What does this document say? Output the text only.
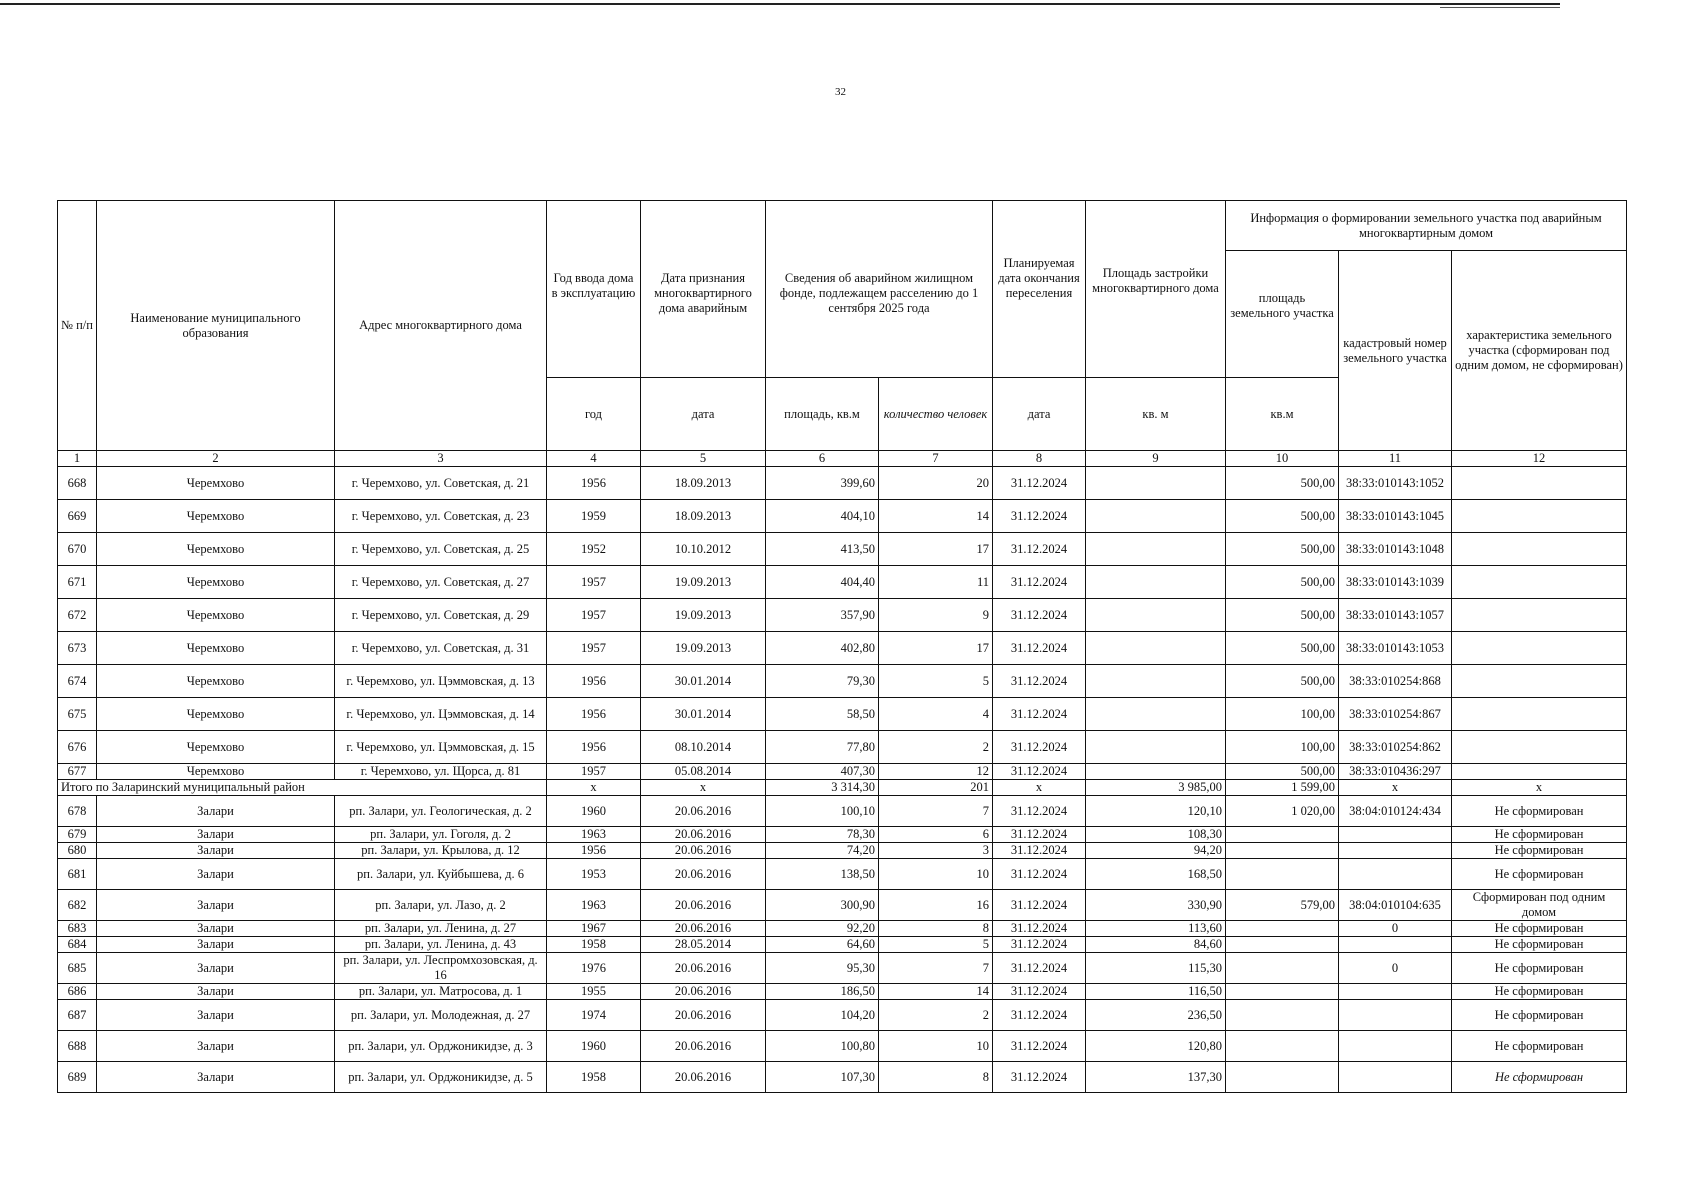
32
№ п/п	Наименование муниципального образования	Адрес многоквартирного дома	Год ввода дома в эксплуатацию	Дата признания многоквартирного дома аварийным	Сведения об аварийном жилищном фонде, подлежащем расселению до 1 сентября 2025 года		Планируемая дата окончания переселения	Площадь застройки многоквартирного дома	Информация о формировании земельного участка под аварийным многоквартирным домом		
									площадь земельного участка	кадастровый номер земельного участка	характеристика земельного участка (сформирован под одним домом, не сформирован)
			год	дата	площадь, кв.м	количество человек	дата	кв. м	кв.м		
1	2	3	4	5	6	7	8	9	10	11	12
668	Черемхово	г. Черемхово, ул. Советская, д. 21	1956	18.09.2013	399,60	20	31.12.2024		500,00	38:33:010143:1052	
669	Черемхово	г. Черемхово, ул. Советская, д. 23	1959	18.09.2013	404,10	14	31.12.2024		500,00	38:33:010143:1045	
670	Черемхово	г. Черемхово, ул. Советская, д. 25	1952	10.10.2012	413,50	17	31.12.2024		500,00	38:33:010143:1048	
671	Черемхово	г. Черемхово, ул. Советская, д. 27	1957	19.09.2013	404,40	11	31.12.2024		500,00	38:33:010143:1039	
672	Черемхово	г. Черемхово, ул. Советская, д. 29	1957	19.09.2013	357,90	9	31.12.2024		500,00	38:33:010143:1057	
673	Черемхово	г. Черемхово, ул. Советская, д. 31	1957	19.09.2013	402,80	17	31.12.2024		500,00	38:33:010143:1053	
674	Черемхово	г. Черемхово, ул. Цэммовская, д. 13	1956	30.01.2014	79,30	5	31.12.2024		500,00	38:33:010254:868	
675	Черемхово	г. Черемхово, ул. Цэммовская, д. 14	1956	30.01.2014	58,50	4	31.12.2024		100,00	38:33:010254:867	
676	Черемхово	г. Черемхово, ул. Цэммовская, д. 15	1956	08.10.2014	77,80	2	31.12.2024		100,00	38:33:010254:862	
677	Черемхово	г. Черемхово, ул. Щорса, д. 81	1957	05.08.2014	407,30	12	31.12.2024		500,00	38:33:010436:297	
Итого по Заларинский муниципальный район			x	x	3 314,30	201	x	3 985,00	1 599,00	x	x
678	Залари	рп. Залари, ул. Геологическая, д. 2	1960	20.06.2016	100,10	7	31.12.2024	120,10	1 020,00	38:04:010124:434	Не сформирован
679	Залари	рп. Залари, ул. Гоголя, д. 2	1963	20.06.2016	78,30	6	31.12.2024	108,30			Не сформирован
680	Залари	рп. Залари, ул. Крылова, д. 12	1956	20.06.2016	74,20	3	31.12.2024	94,20			Не сформирован
681	Залари	рп. Залари, ул. Куйбышева, д. 6	1953	20.06.2016	138,50	10	31.12.2024	168,50			Не сформирован
682	Залари	рп. Залари, ул. Лазо, д. 2	1963	20.06.2016	300,90	16	31.12.2024	330,90	579,00	38:04:010104:635	Сформирован под одним домом
683	Залари	рп. Залари, ул. Ленина, д. 27	1967	20.06.2016	92,20	8	31.12.2024	113,60		0	Не сформирован
684	Залари	рп. Залари, ул. Ленина, д. 43	1958	28.05.2014	64,60	5	31.12.2024	84,60			Не сформирован
685	Залари	рп. Залари, ул. Леспромхозовская, д. 16	1976	20.06.2016	95,30	7	31.12.2024	115,30		0	Не сформирован
686	Залари	рп. Залари, ул. Матросова, д. 1	1955	20.06.2016	186,50	14	31.12.2024	116,50			Не сформирован
687	Залари	рп. Залари, ул. Молодежная, д. 27	1974	20.06.2016	104,20	2	31.12.2024	236,50			Не сформирован
688	Залари	рп. Залари, ул. Орджоникидзе, д. 3	1960	20.06.2016	100,80	10	31.12.2024	120,80			Не сформирован
689	Залари	рп. Залари, ул. Орджоникидзе, д. 5	1958	20.06.2016	107,30	8	31.12.2024	137,30			Не сформирован
